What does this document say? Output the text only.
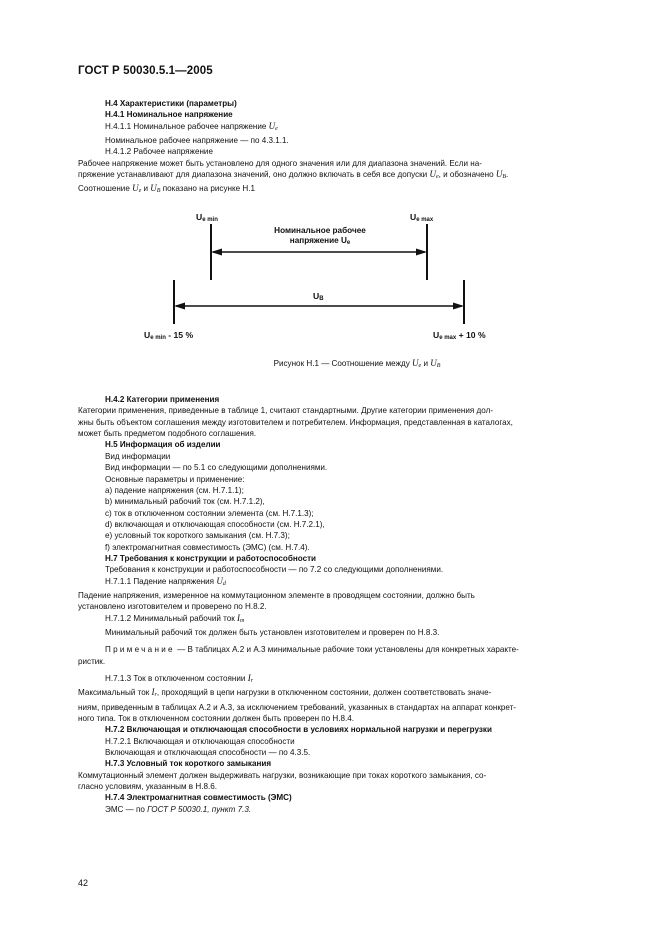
ГОСТ Р 50030.5.1—2005

Н.4 Характеристики (параметры)

Н.4.1 Номинальное напряжение

Н.4.1.1 Номинальное рабочее напряжение Ue

Номинальное рабочее напряжение — по 4.3.1.1.

Н.4.1.2 Рабочее напряжение

Рабочее напряжение может быть установлено для одного значения или для диапазона значений. Если на-

пряжение устанавливают для диапазона значений, оно должно включать в себя все допуски Ue, и обозначено UB.

Соотношение Ue и UB показано на рисунке Н.1

Ue min	Ue max
Номинальное рабочее
напряжение Ue
UB
Ue min - 15 %	Ue max + 10 %

Рисунок Н.1 — Соотношение между Ue и UB

Н.4.2 Категории применения

Категории применения, приведенные в таблице 1, считают стандартными. Другие категории применения дол-

жны быть объектом соглашения между изготовителем и потребителем. Информация, представленная в каталогах,

может быть предметом подобного соглашения.

Н.5 Информация об изделии

Вид информации

Вид информации — по 5.1 со следующими дополнениями.

Основные параметры и применение:

a) падение напряжения (см. Н.7.1.1);

b) минимальный рабочий ток (см. Н.7.1.2),

c) ток в отключенном состоянии элемента (см. Н.7.1.3);

d) включающая и отключающая способности (см. Н.7.2.1),

e) условный ток короткого замыкания (см. Н.7.3);

f) электромагнитная совместимость (ЭМС) (см. Н.7.4).

Н.7 Требования к конструкции и работоспособности

Требования к конструкции и работоспособности — по 7.2 со следующими дополнениями.

Н.7.1.1 Падение напряжения Ud

Падение напряжения, измеренное на коммутационном элементе в проводящем состоянии, должно быть

установлено изготовителем и проверено по Н.8.2.

Н.7.1.2 Минимальный рабочий ток Im

Минимальный рабочий ток должен быть установлен изготовителем и проверен по Н.8.3.

Примечание — В таблицах А.2 и А.3 минимальные рабочие токи установлены для конкретных характе-

ристик.

Н.7.1.3 Ток в отключенном состоянии Ir

Максимальный ток Ir, проходящий в цепи нагрузки в отключенном состоянии, должен соответствовать значе-

ниям, приведенным в таблицах А.2 и А.3, за исключением требований, указанных в стандартах на аппарат конкрет-

ного типа. Ток в отключенном состоянии должен быть проверен по Н.8.4.

Н.7.2 Включающая и отключающая способности в условиях нормальной нагрузки и перегрузки

Н.7.2.1 Включающая и отключающая способности

Включающая и отключающая способности — по 4.3.5.

Н.7.3 Условный ток короткого замыкания

Коммутационный элемент должен выдерживать нагрузки, возникающие при токах короткого замыкания, со-

гласно условиям, указанным в Н.8.6.

Н.7.4 Электромагнитная совместимость (ЭМС)

ЭМС — по ГОСТ Р 50030.1, пункт 7.3.

42
